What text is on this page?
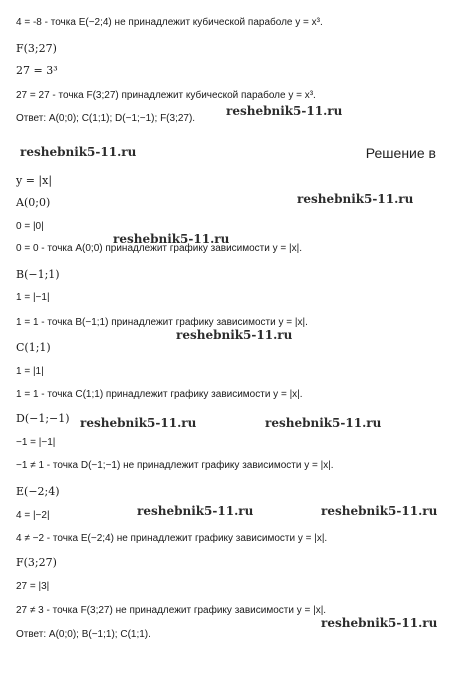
4 = -8 - точка E(−2;4) не принадлежит кубической параболе y = x³.
F(3;27)
27 = 3³
27 = 27 - точка F(3;27) принадлежит кубической параболе y = x³.
Ответ: A(0;0); C(1;1); D(−1;−1); F(3;27).
y = |x|
A(0;0)
0 = |0|
0 = 0 - точка A(0;0) принадлежит графику зависимости y = |x|.
B(−1;1)
1 = |−1|
1 = 1 - точка B(−1;1) принадлежит графику зависимости y = |x|.
C(1;1)
1 = |1|
1 = 1 - точка C(1;1) принадлежит графику зависимости y = |x|.
D(−1;−1)
−1 = |−1|
−1 ≠ 1 - точка D(−1;−1) не принадлежит графику зависимости y = |x|.
E(−2;4)
4 = |−2|
4 ≠ −2 - точка E(−2;4) не принадлежит графику зависимости y = |x|.
F(3;27)
27 = |3|
27 ≠ 3 - точка F(3;27) не принадлежит графику зависимости y = |x|.
Ответ: A(0;0); B(−1;1); C(1;1).
Решение в
reshebnik5-11.ru
reshebnik5-11.ru
reshebnik5-11.ru
reshebnik5-11.ru
reshebnik5-11.ru
reshebnik5-11.ru	reshebnik5-11.ru
reshebnik5-11.ru	reshebnik5-11.ru
reshebnik5-11.ru
